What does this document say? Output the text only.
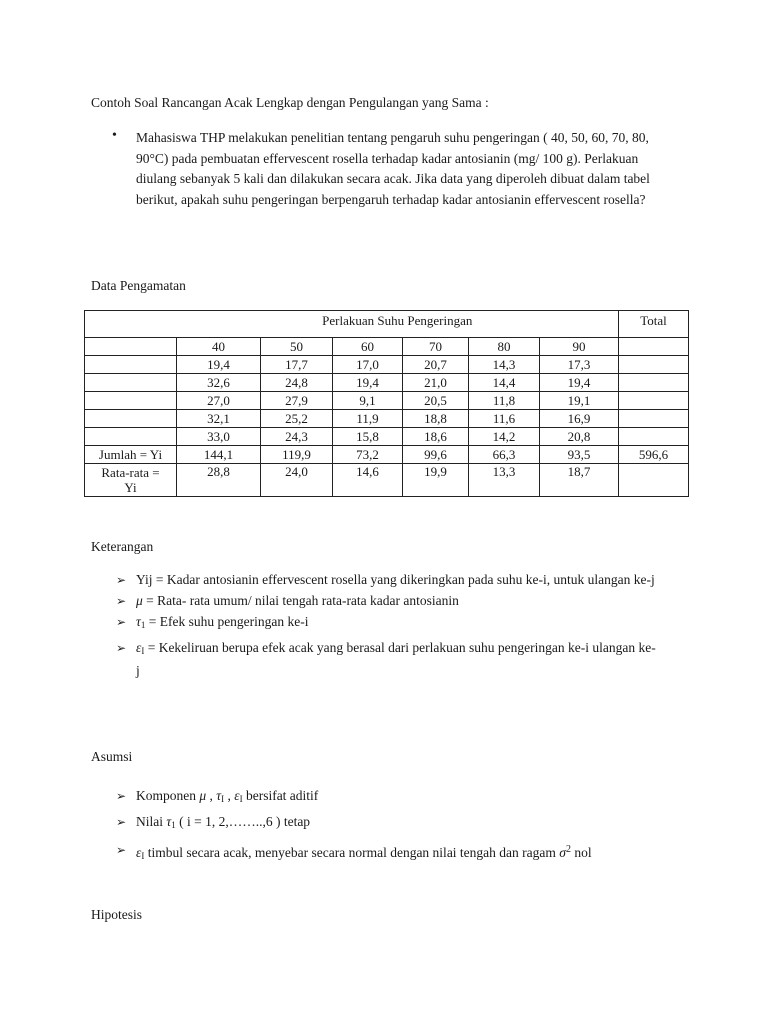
Contoh Soal Rancangan Acak Lengkap dengan Pengulangan yang Sama :
• Mahasiswa THP melakukan penelitian tentang pengaruh suhu pengeringan ( 40, 50, 60, 70, 80, 90°C) pada pembuatan effervescent rosella terhadap kadar antosianin (mg/ 100 g). Perlakuan diulang sebanyak 5 kali dan dilakukan secara acak. Jika data yang diperoleh dibuat dalam tabel berikut, apakah suhu pengeringan berpengaruh terhadap kadar antosianin effervescent rosella?
Data Pengamatan
	Perlakuan Suhu Pengeringan						Total
	40	50	60	70	80	90	
	19,4	17,7	17,0	20,7	14,3	17,3	
	32,6	24,8	19,4	21,0	14,4	19,4	
	27,0	27,9	9,1	20,5	11,8	19,1	
	32,1	25,2	11,9	18,8	11,6	16,9	
	33,0	24,3	15,8	18,6	14,2	20,8	
Jumlah = Yi	144,1	119,9	73,2	99,6	66,3	93,5	596,6

Rata-rata =
Yi	28,8	24,0	14,6	19,9	13,3	18,7	
Keterangan
➢ Yij = Kadar antosianin effervescent rosella yang dikeringkan pada suhu ke-i, untuk ulangan ke-j
➢ μ = Rata- rata umum/ nilai tengah rata-rata kadar antosianin
➢ $\tau_1$ = Efek suhu pengeringan ke-i
➢ $\varepsilon_I$ = Kekeliruan berupa efek acak yang berasal dari perlakuan suhu pengeringan ke-i ulangan ke-j
Asumsi
➢ Komponen μ , $\tau_I$ , $\varepsilon_I$ bersifat aditif
➢ Nilai $\tau_1$ ( i = 1, 2,……..,6 ) tetap
➢ $\varepsilon_I$ timbul secara acak, menyebar secara normal dengan nilai tengah dan ragam $\sigma^2$ nol
Hipotesis
